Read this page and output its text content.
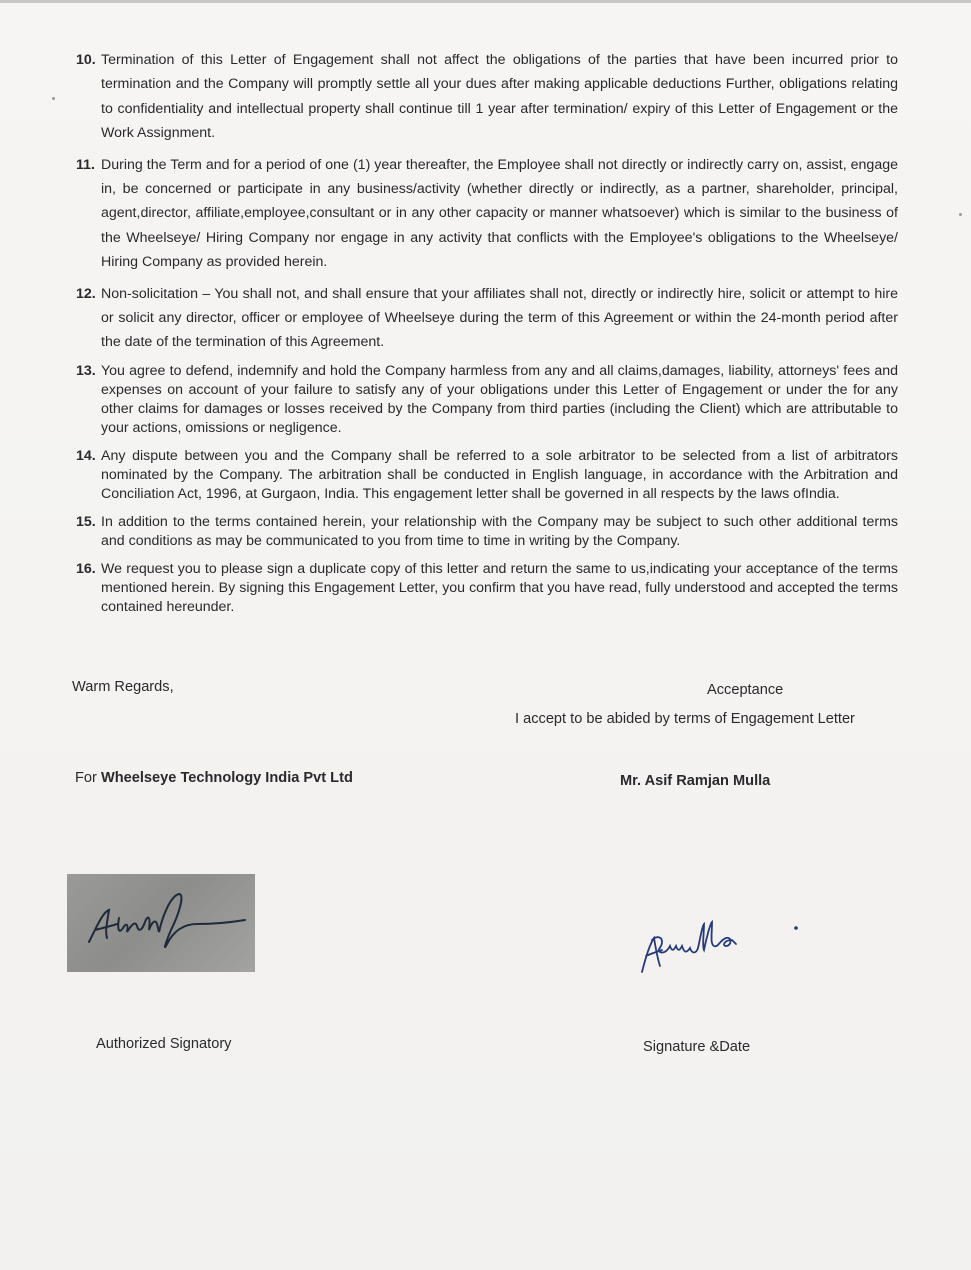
10. Termination of this Letter of Engagement shall not affect the obligations of the parties that have been incurred prior to termination and the Company will promptly settle all your dues after making applicable deductions Further, obligations relating to confidentiality and intellectual property shall continue till 1 year after termination/ expiry of this Letter of Engagement or the Work Assignment.
11. During the Term and for a period of one (1) year thereafter, the Employee shall not directly or indirectly carry on, assist, engage in, be concerned or participate in any business/activity (whether directly or indirectly, as a partner, shareholder, principal, agent,director, affiliate,employee,consultant or in any other capacity or manner whatsoever) which is similar to the business of the Wheelseye/ Hiring Company nor engage in any activity that conflicts with the Employee's obligations to the Wheelseye/ Hiring Company as provided herein.
12. Non-solicitation – You shall not, and shall ensure that your affiliates shall not, directly or indirectly hire, solicit or attempt to hire or solicit any director, officer or employee of Wheelseye during the term of this Agreement or within the 24-month period after the date of the termination of this Agreement.
13. You agree to defend, indemnify and hold the Company harmless from any and all claims,damages, liability, attorneys' fees and expenses on account of your failure to satisfy any of your obligations under this Letter of Engagement or under the for any other claims for damages or losses received by the Company from third parties (including the Client) which are attributable to your actions, omissions or negligence.
14. Any dispute between you and the Company shall be referred to a sole arbitrator to be selected from a list of arbitrators nominated by the Company. The arbitration shall be conducted in English language, in accordance with the Arbitration and Conciliation Act, 1996, at Gurgaon, India. This engagement letter shall be governed in all respects by the laws ofIndia.
15. In addition to the terms contained herein, your relationship with the Company may be subject to such other additional terms and conditions as may be communicated to you from time to time in writing by the Company.
16. We request you to please sign a duplicate copy of this letter and return the same to us,indicating your acceptance of the terms mentioned herein. By signing this Engagement Letter, you confirm that you have read, fully understood and accepted the terms contained hereunder.
Warm Regards,
For Wheelseye Technology India Pvt Ltd
Authorized Signatory
Acceptance
I accept to be abided by terms of Engagement Letter
Mr. Asif Ramjan Mulla
Signature &Date
